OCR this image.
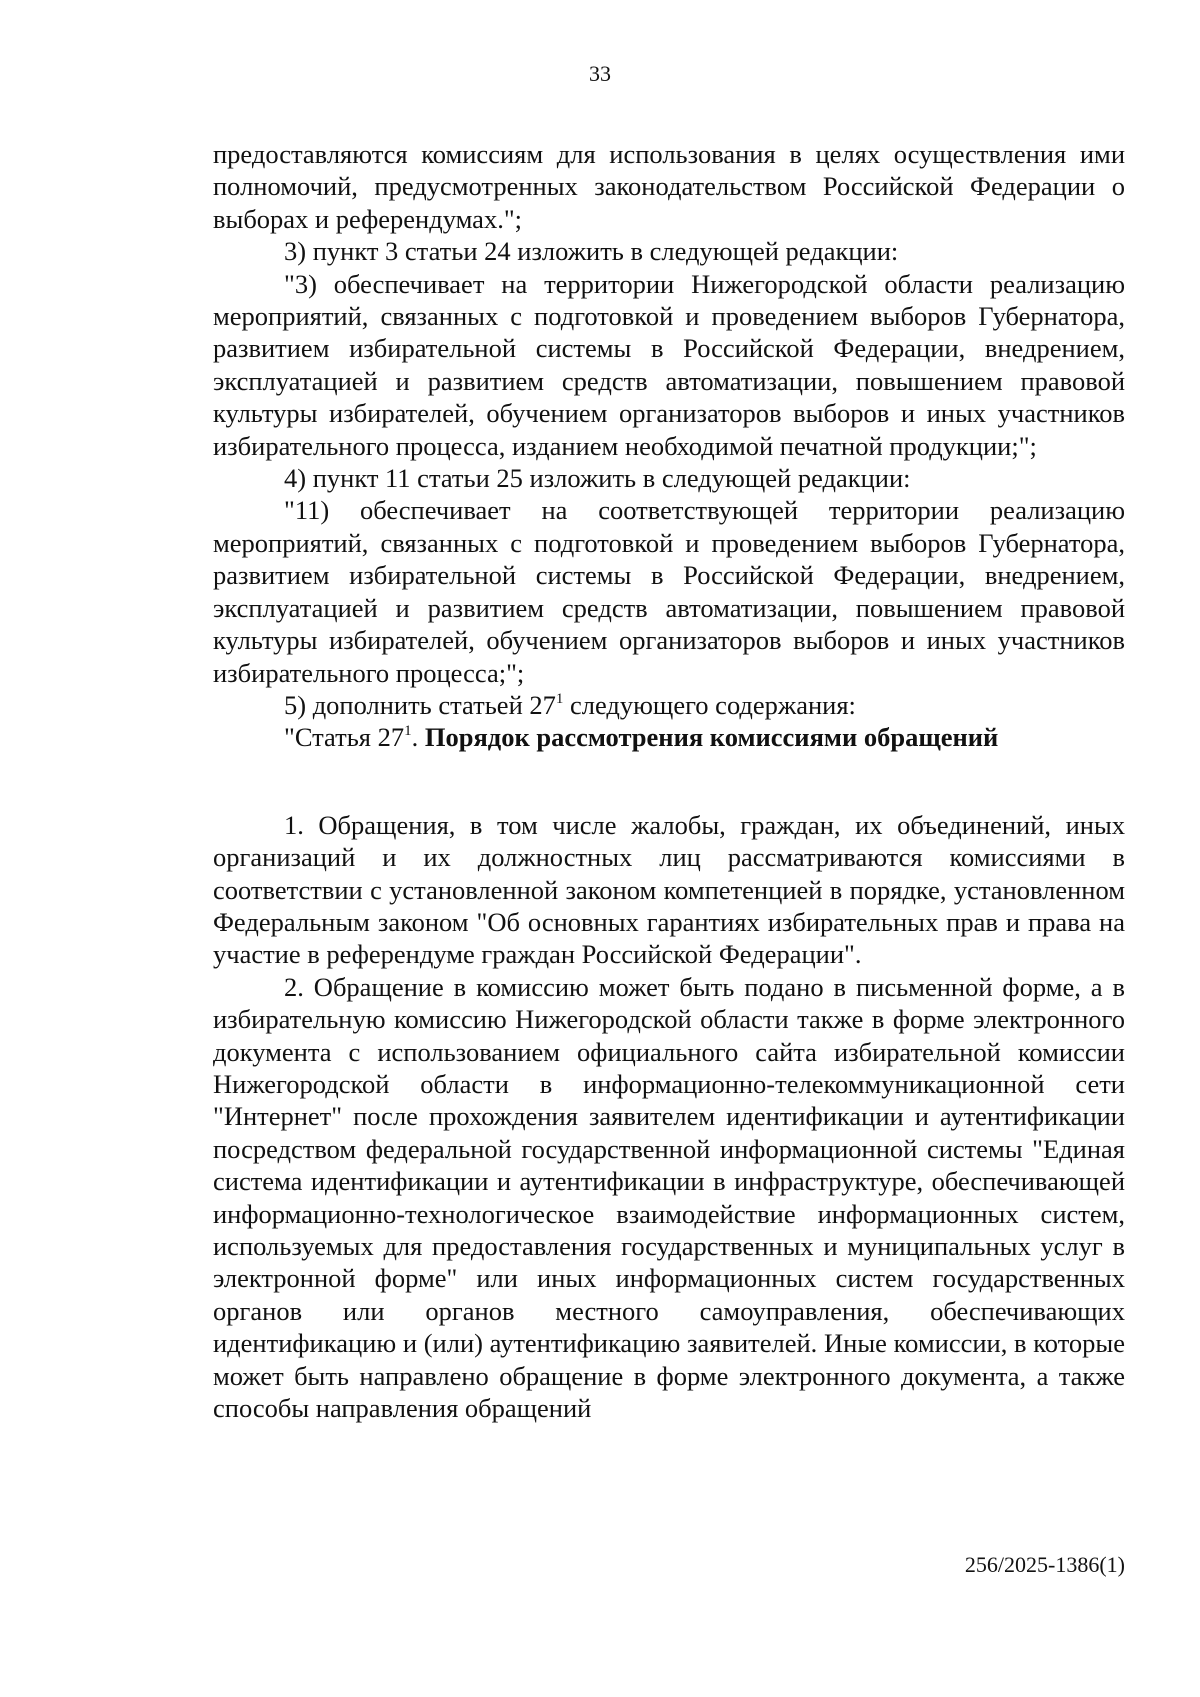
33

предоставляются комиссиям для использования в целях осуществления ими полномочий, предусмотренных законодательством Российской Федерации о выборах и референдумах.";

3) пункт 3 статьи 24 изложить в следующей редакции:

"3) обеспечивает на территории Нижегородской области реализацию мероприятий, связанных с подготовкой и проведением выборов Губернатора, развитием избирательной системы в Российской Федерации, внедрением, эксплуатацией и развитием средств автоматизации, повышением правовой культуры избирателей, обучением организаторов выборов и иных участников избирательного процесса, изданием необходимой печатной продукции;";

4) пункт 11 статьи 25 изложить в следующей редакции:

"11) обеспечивает на соответствующей территории реализацию мероприятий, связанных с подготовкой и проведением выборов Губернатора, развитием избирательной системы в Российской Федерации, внедрением, эксплуатацией и развитием средств автоматизации, повышением правовой культуры избирателей, обучением организаторов выборов и иных участников избирательного процесса;";

5) дополнить статьей $27^1$ следующего содержания:

"Статья $27^1$. Порядок рассмотрения комиссиями обращений

1. Обращения, в том числе жалобы, граждан, их объединений, иных организаций и их должностных лиц рассматриваются комиссиями в соответствии с установленной законом компетенцией в порядке, установленном Федеральным законом "Об основных гарантиях избирательных прав и права на участие в референдуме граждан Российской Федерации".

2. Обращение в комиссию может быть подано в письменной форме, а в избирательную комиссию Нижегородской области также в форме электронного документа с использованием официального сайта избирательной комиссии Нижегородской области в информационно-телекоммуникационной сети "Интернет" после прохождения заявителем идентификации и аутентификации посредством федеральной государственной информационной системы "Единая система идентификации и аутентификации в инфраструктуре, обеспечивающей информационно-технологическое взаимодействие информационных систем, используемых для предоставления государственных и муниципальных услуг в электронной форме" или иных информационных систем государственных органов или органов местного самоуправления, обеспечивающих идентификацию и (или) аутентификацию заявителей. Иные комиссии, в которые может быть направлено обращение в форме электронного документа, а также способы направления обращений

256/2025-1386(1)
